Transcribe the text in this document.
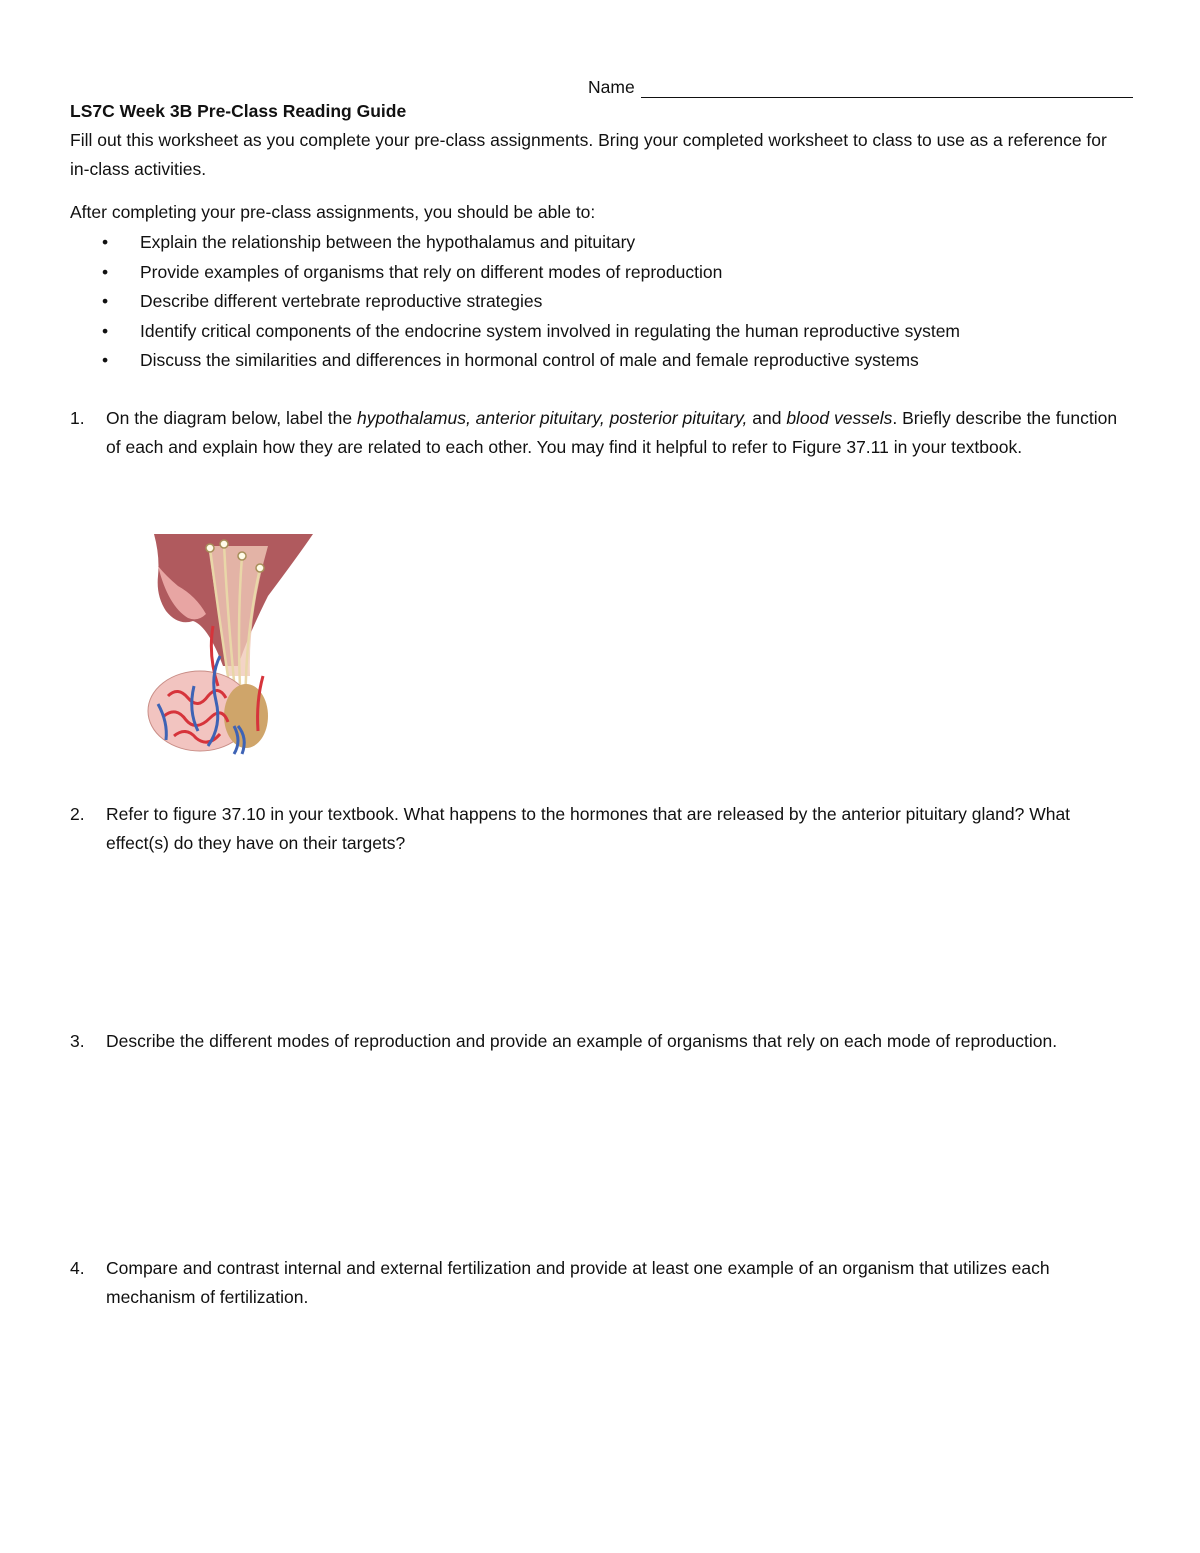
Name
LS7C Week 3B Pre-Class Reading Guide
Fill out this worksheet as you complete your pre-class assignments. Bring your completed worksheet to class to use as a reference for in-class activities.
After completing your pre-class assignments, you should be able to:
• Explain the relationship between the hypothalamus and pituitary
• Provide examples of organisms that rely on different modes of reproduction
• Describe different vertebrate reproductive strategies
• Identify critical components of the endocrine system involved in regulating the human reproductive system
• Discuss the similarities and differences in hormonal control of male and female reproductive systems
1. On the diagram below, label the hypothalamus, anterior pituitary, posterior pituitary, and blood vessels. Briefly describe the function of each and explain how they are related to each other. You may find it helpful to refer to Figure 37.11 in your textbook.
2. Refer to figure 37.10 in your textbook. What happens to the hormones that are released by the anterior pituitary gland? What effect(s) do they have on their targets?
3. Describe the different modes of reproduction and provide an example of organisms that rely on each mode of reproduction.
4. Compare and contrast internal and external fertilization and provide at least one example of an organism that utilizes each mechanism of fertilization.
